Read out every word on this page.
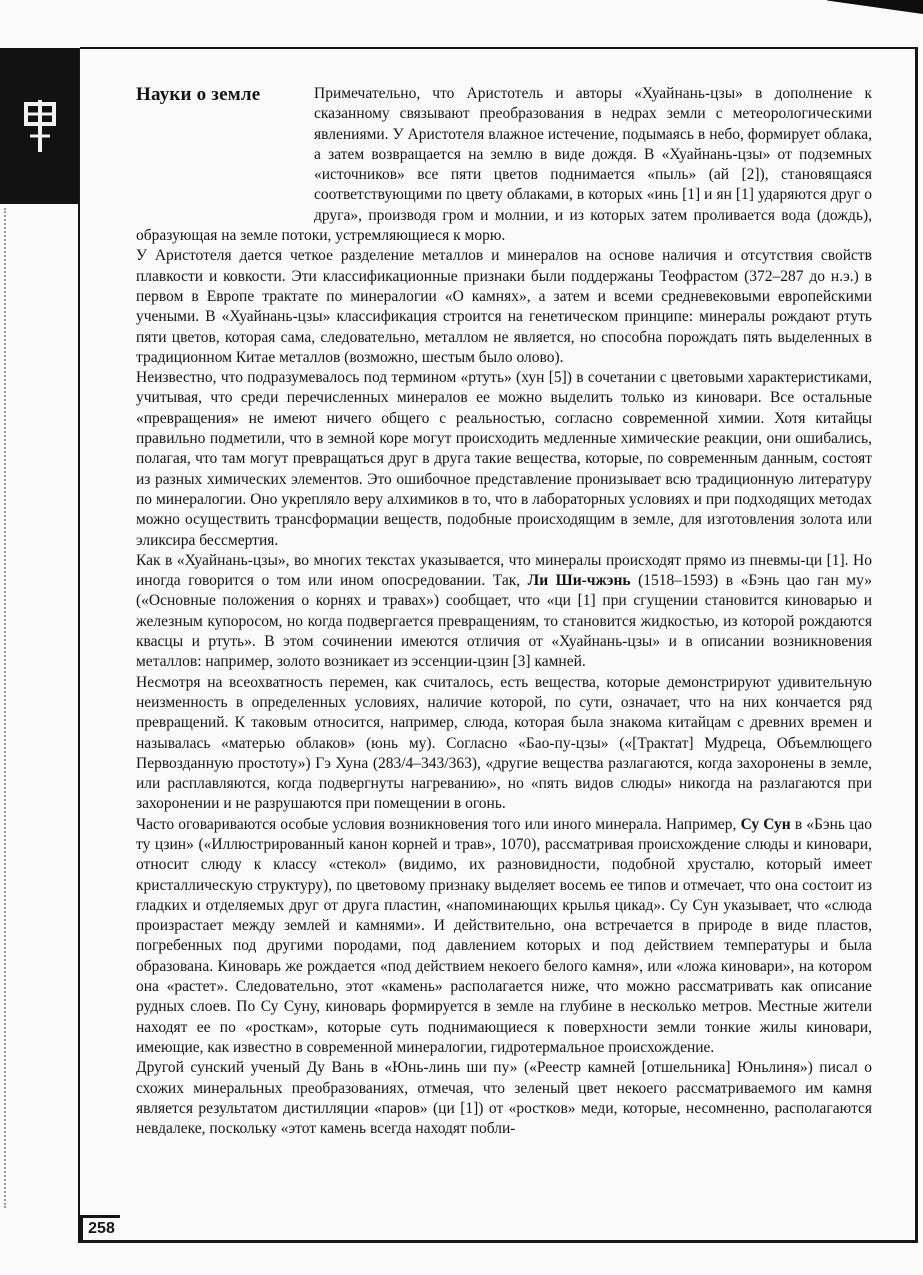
Науки о земле	Примечательно, что Аристотель и авторы «Хуайнань-цзы» в дополнение к сказанному связывают преобразования в недрах земли с метеорологическими явлениями. У Аристотеля влажное истечение, подымаясь в небо, формирует облака, а затем возвращается на землю в виде дождя. В «Хуайнань-цзы» от подземных «источников» все пяти цветов поднимается «пыль» (ай [2]), становящаяся соответствующими по цвету облаками, в которых «инь [1] и ян [1] ударяются друг о друга», производя гром и молнии, и из которых затем проливается вода (дождь), образующая на земле потоки, устремляющиеся к морю.

У Аристотеля дается четкое разделение металлов и минералов на основе наличия и отсутствия свойств плавкости и ковкости. Эти классификационные признаки были поддержаны Теофрастом (372–287 до н.э.) в первом в Европе трактате по минералогии «О камнях», а затем и всеми средневековыми европейскими учеными. В «Хуайнань-цзы» классификация строится на генетическом принципе: минералы рождают ртуть пяти цветов, которая сама, следовательно, металлом не является, но способна порождать пять выделенных в традиционном Китае металлов (возможно, шестым было олово).

Неизвестно, что подразумевалось под термином «ртуть» (хун [5]) в сочетании с цветовыми характеристиками, учитывая, что среди перечисленных минералов ее можно выделить только из киновари. Все остальные «превращения» не имеют ничего общего с реальностью, согласно современной химии. Хотя китайцы правильно подметили, что в земной коре могут происходить медленные химические реакции, они ошибались, полагая, что там могут превращаться друг в друга такие вещества, которые, по современным данным, состоят из разных химических элементов. Это ошибочное представление пронизывает всю традиционную литературу по минералогии. Оно укрепляло веру алхимиков в то, что в лабораторных условиях и при подходящих методах можно осуществить трансформации веществ, подобные происходящим в земле, для изготовления золота или эликсира бессмертия.

Как в «Хуайнань-цзы», во многих текстах указывается, что минералы происходят прямо из пневмы-ци [1]. Но иногда говорится о том или ином опосредовании. Так, Ли Ши-чжэнь (1518–1593) в «Бэнь цао ган му» («Основные положения о корнях и травах») сообщает, что «ци [1] при сгущении становится киноварью и железным купоросом, но когда подвергается превращениям, то становится жидкостью, из которой рождаются квасцы и ртуть». В этом сочинении имеются отличия от «Хуайнань-цзы» и в описании возникновения металлов: например, золото возникает из эссенции-цзин [3] камней.

Несмотря на всеохватность перемен, как считалось, есть вещества, которые демонстрируют удивительную неизменность в определенных условиях, наличие которой, по сути, означает, что на них кончается ряд превращений. К таковым относится, например, слюда, которая была знакома китайцам с древних времен и называлась «матерью облаков» (юнь му). Согласно «Бао-пу-цзы» («[Трактат] Мудреца, Объемлющего Первозданную простоту») Гэ Хуна (283/4–343/363), «другие вещества разлагаются, когда захоронены в земле, или расплавляются, когда подвергнуты нагреванию», но «пять видов слюды» никогда на разлагаются при захоронении и не разрушаются при помещении в огонь.

Часто оговариваются особые условия возникновения того или иного минерала. Например, Су Сун в «Бэнь цао ту цзин» («Иллюстрированный канон корней и трав», 1070), рассматривая происхождение слюды и киновари, относит слюду к классу «стекол» (видимо, их разновидности, подобной хрусталю, который имеет кристаллическую структуру), по цветовому признаку выделяет восемь ее типов и отмечает, что она состоит из гладких и отделяемых друг от друга пластин, «напоминающих крылья цикад». Су Сун указывает, что «слюда произрастает между землей и камнями». И действительно, она встречается в природе в виде пластов, погребенных под другими породами, под давлением которых и под действием температуры и была образована. Киноварь же рождается «под действием некоего белого камня», или «ложа киновари», на котором она «растет». Следовательно, этот «камень» располагается ниже, что можно рассматривать как описание рудных слоев. По Су Суну, киноварь формируется в земле на глубине в несколько метров. Местные жители находят ее по «росткам», которые суть поднимающиеся к поверхности земли тонкие жилы киновари, имеющие, как известно в современной минералогии, гидротермальное происхождение.

Другой сунский ученый Ду Вань в «Юнь-линь ши пу» («Реестр камней [отшельника] Юньлиня») писал о схожих минеральных преобразованиях, отмечая, что зеленый цвет некоего рассматриваемого им камня является результатом дистилляции «паров» (ци [1]) от «ростков» меди, которые, несомненно, располагаются невдалеке, поскольку «этот камень всегда находят побли-

258
